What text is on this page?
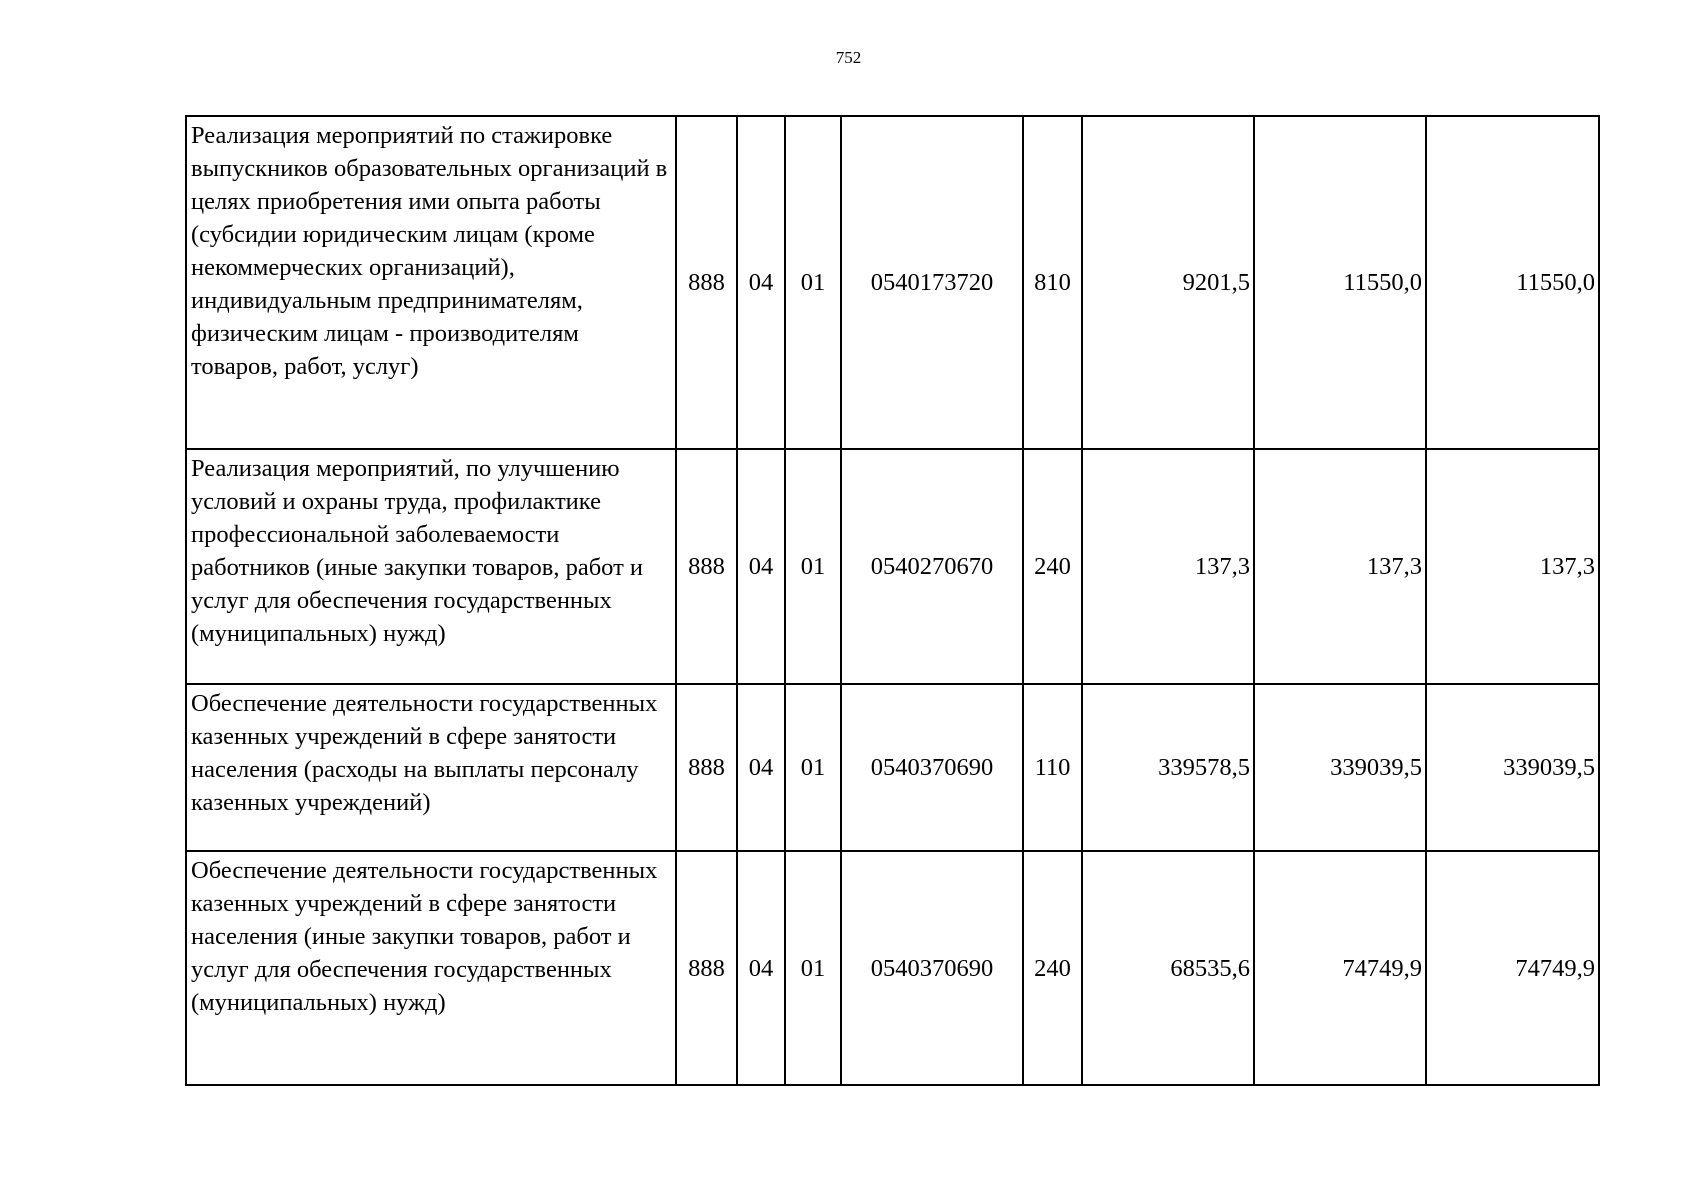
752
Реализация мероприятий по стажировке выпускников образовательных организаций в целях приобретения ими опыта работы (субсидии юридическим лицам (кроме некоммерческих организаций), индивидуальным предпринимателям, физическим лицам - производителям товаров, работ, услуг)	888	04	01	0540173720	810	9201,5	11550,0	11550,0
Реализация мероприятий, по улучшению условий и охраны труда, профилактике профессиональной заболеваемости работников (иные закупки товаров, работ и услуг для обеспечения государственных (муниципальных) нужд)	888	04	01	0540270670	240	137,3	137,3	137,3
Обеспечение деятельности государственных казенных учреждений в сфере занятости населения (расходы на выплаты персоналу казенных учреждений)	888	04	01	0540370690	110	339578,5	339039,5	339039,5
Обеспечение деятельности государственных казенных учреждений в сфере занятости населения (иные закупки товаров, работ и услуг для обеспечения государственных (муниципальных) нужд)	888	04	01	0540370690	240	68535,6	74749,9	74749,9
